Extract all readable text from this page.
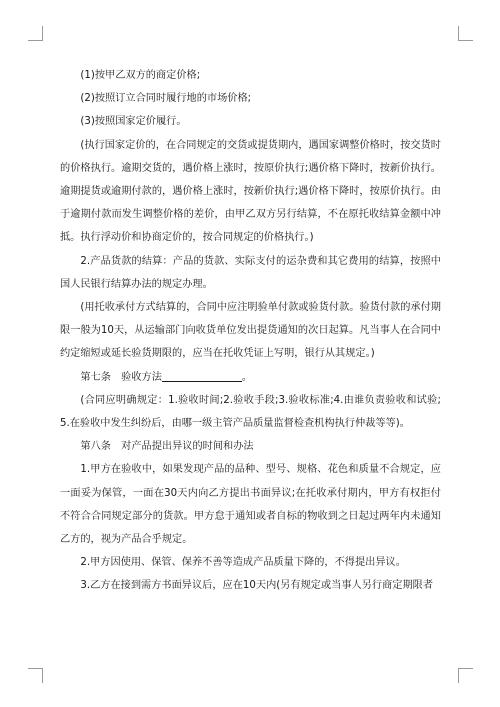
(1)按甲乙双方的商定价格;

(2)按照订立合同时履行地的市场价格;

(3)按照国家定价履行。

(执行国家定价的，在合同规定的交货或提货期内，遇国家调整价格时，按交货时的价格执行。逾期交货的，遇价格上涨时，按原价执行;遇价格下降时，按新价执行。逾期提货或逾期付款的，遇价格上涨时，按新价执行;遇价格下降时，按原价执行。由于逾期付款而发生调整价格的差价，由甲乙双方另行结算，不在原托收结算金额中冲抵。执行浮动价和协商定价的，按合同规定的价格执行。)

2.产品货款的结算：产品的货款、实际支付的运杂费和其它费用的结算，按照中国人民银行结算办法的规定办理。

(用托收承付方式结算的，合同中应注明验单付款或验货付款。验货付款的承付期限一般为10天，从运输部门向收货单位发出提货通知的次日起算。凡当事人在合同中约定缩短或延长验货期限的，应当在托收凭证上写明，银行从其规定。)

第七条　验收方法	。

(合同应明确规定：1.验收时间;2.验收手段;3.验收标准;4.由谁负责验收和试验;5.在验收中发生纠纷后，由哪一级主管产品质量监督检查机构执行仲裁等等)。

第八条　对产品提出异议的时间和办法

1.甲方在验收中，如果发现产品的品种、型号、规格、花色和质量不合规定，应一面妥为保管，一面在30天内向乙方提出书面异议;在托收承付期内，甲方有权拒付不符合合同规定部分的货款。甲方怠于通知或者自标的物收到之日起过两年内未通知乙方的，视为产品合乎规定。

2.甲方因使用、保管、保养不善等造成产品质量下降的，不得提出异议。

3.乙方在接到需方书面异议后，应在10天内(另有规定或当事人另行商定期限者
